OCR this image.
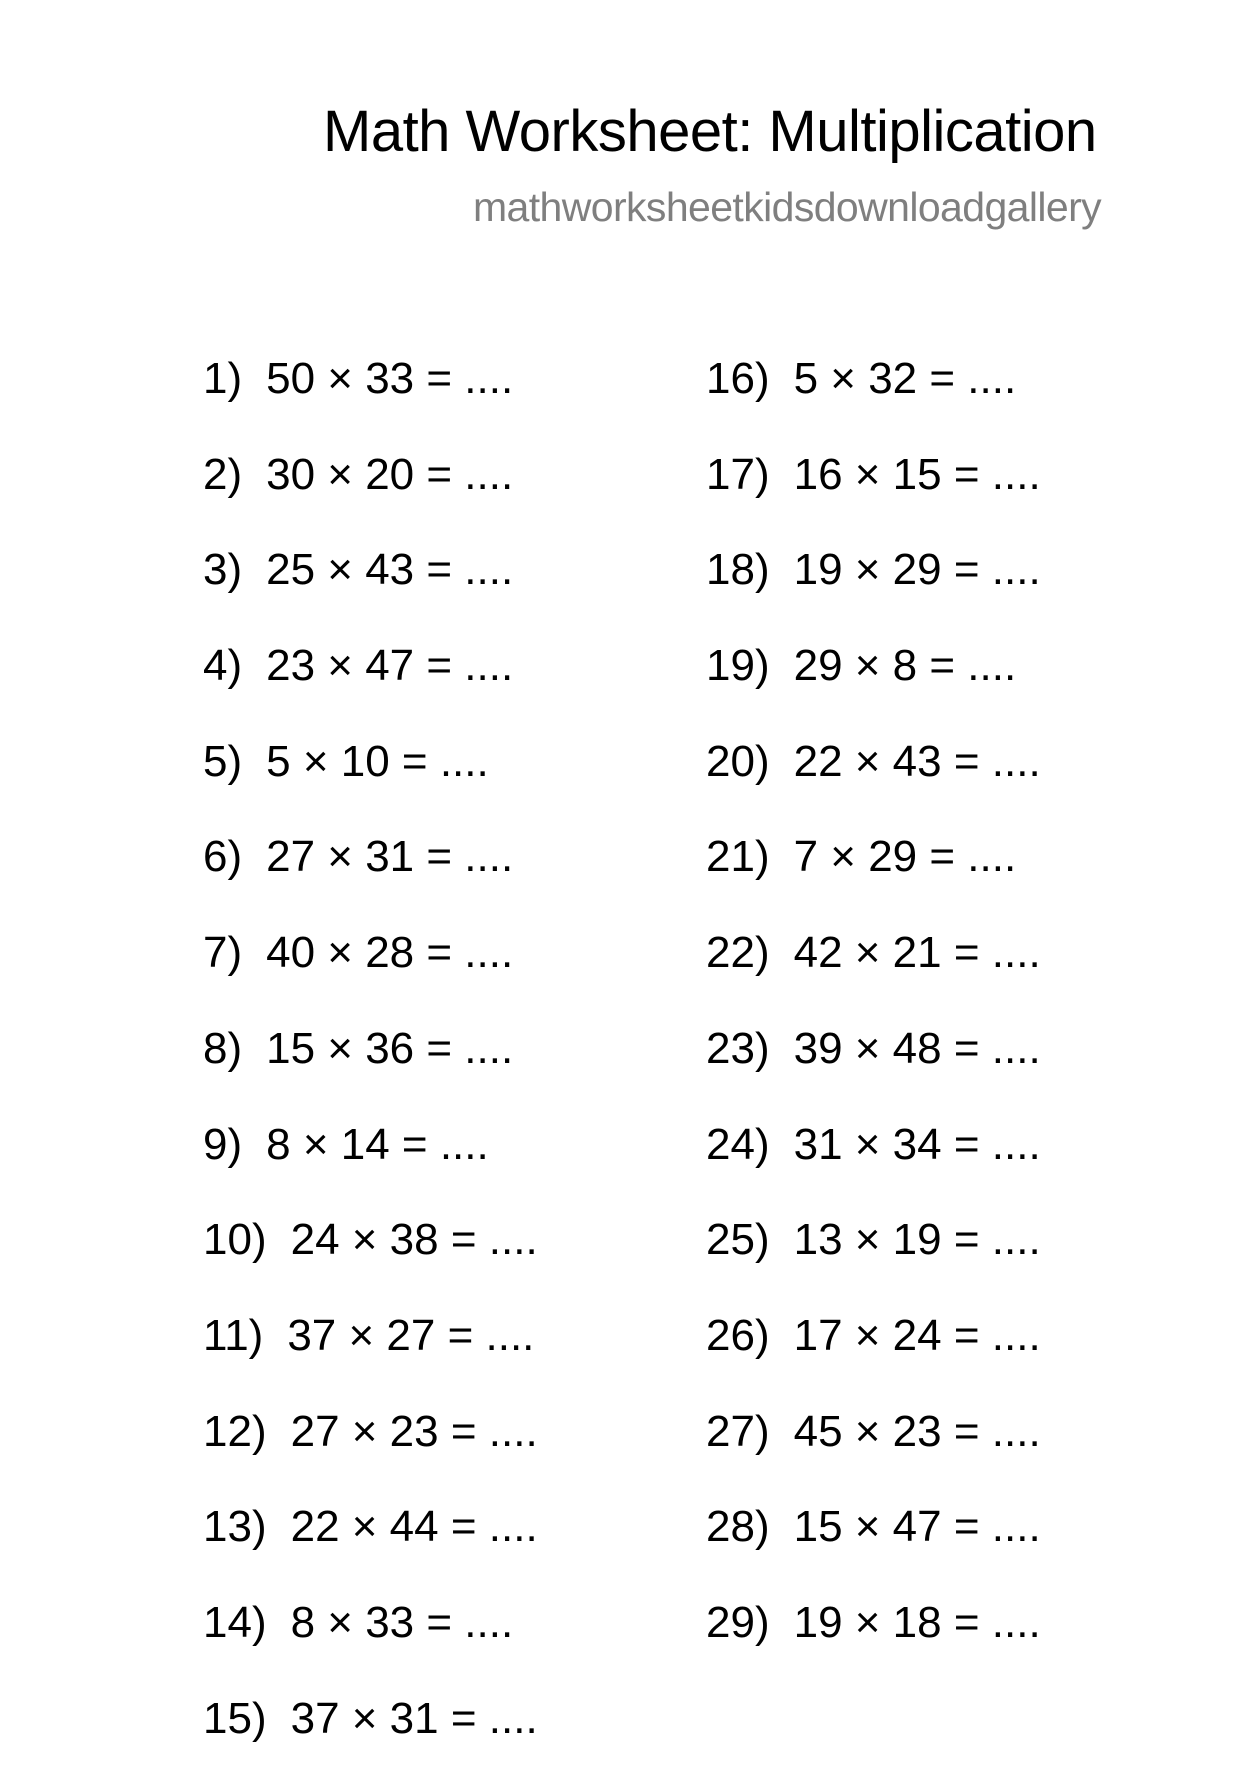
Math Worksheet: Multiplication
mathworksheetkidsdownloadgallery
1) 50 × 33 = ....
2) 30 × 20 = ....
3) 25 × 43 = ....
4) 23 × 47 = ....
5) 5 × 10 = ....
6) 27 × 31 = ....
7) 40 × 28 = ....
8) 15 × 36 = ....
9) 8 × 14 = ....
10) 24 × 38 = ....
11) 37 × 27 = ....
12) 27 × 23 = ....
13) 22 × 44 = ....
14) 8 × 33 = ....
15) 37 × 31 = ....
16) 5 × 32 = ....
17) 16 × 15 = ....
18) 19 × 29 = ....
19) 29 × 8 = ....
20) 22 × 43 = ....
21) 7 × 29 = ....
22) 42 × 21 = ....
23) 39 × 48 = ....
24) 31 × 34 = ....
25) 13 × 19 = ....
26) 17 × 24 = ....
27) 45 × 23 = ....
28) 15 × 47 = ....
29) 19 × 18 = ....
